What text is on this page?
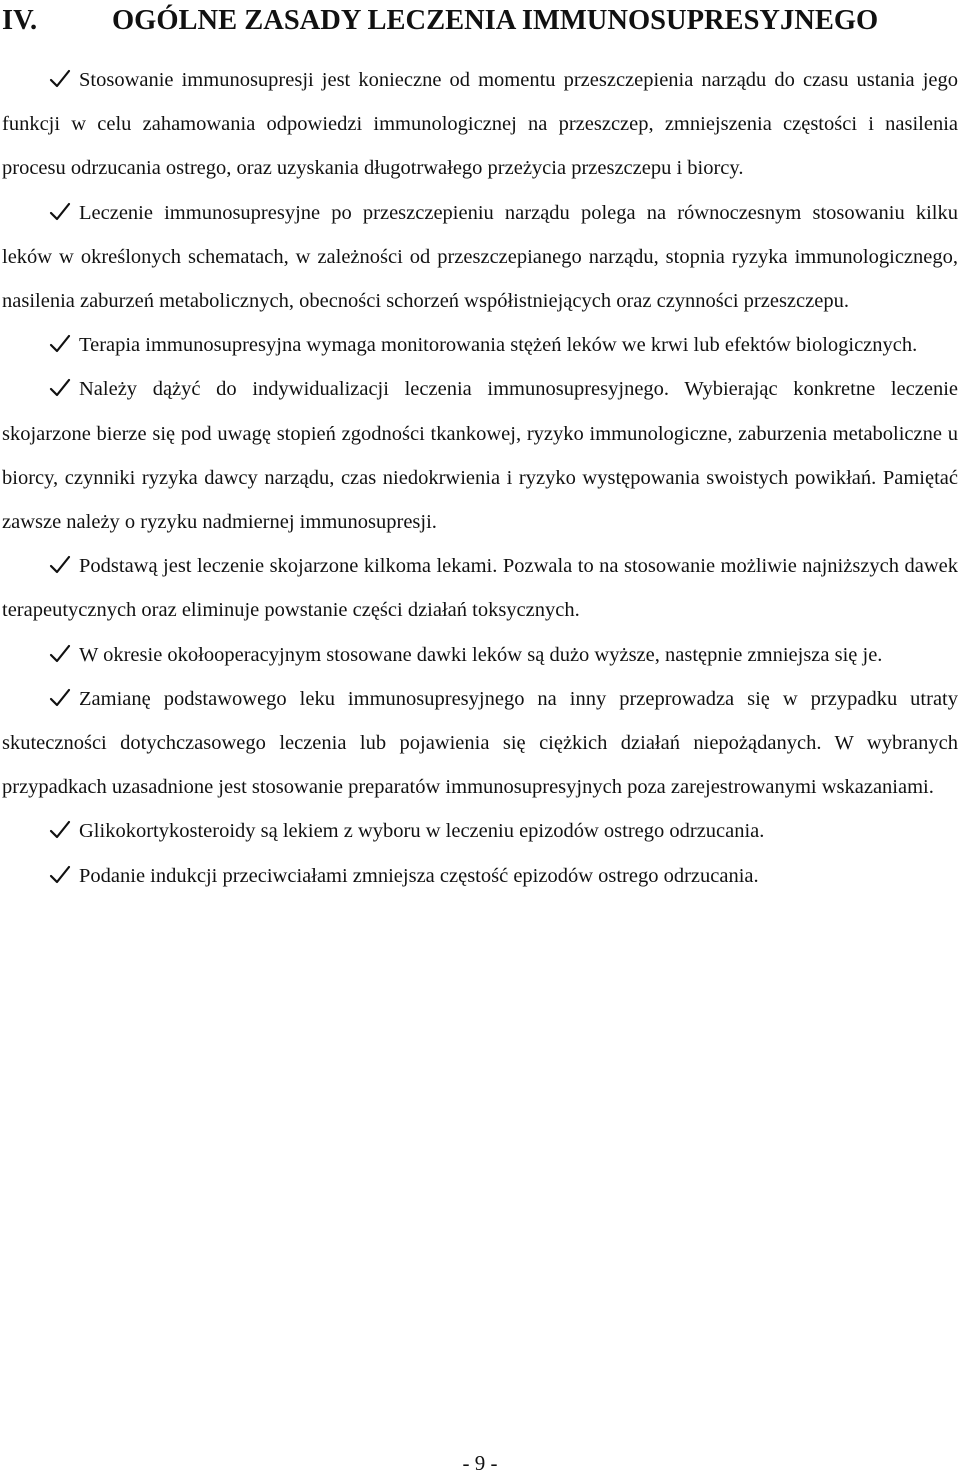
IV.	OGÓLNE ZASADY LECZENIA IMMUNOSUPRESYJNEGO
Stosowanie immunosupresji jest konieczne od momentu przeszczepienia narządu do czasu ustania jego funkcji w celu zahamowania odpowiedzi immunologicznej na przeszczep, zmniejszenia częstości i nasilenia procesu odrzucania ostrego, oraz uzyskania długotrwałego przeżycia przeszczepu i biorcy.
Leczenie immunosupresyjne po przeszczepieniu narządu polega na równoczesnym stosowaniu kilku leków w określonych schematach, w zależności od przeszczepianego narządu, stopnia ryzyka immunologicznego, nasilenia zaburzeń metabolicznych, obecności schorzeń współistniejących oraz czynności przeszczepu.
Terapia immunosupresyjna wymaga monitorowania stężeń leków we krwi lub efektów biologicznych.
Należy dążyć do indywidualizacji leczenia immunosupresyjnego. Wybierając konkretne leczenie skojarzone bierze się pod uwagę stopień zgodności tkankowej, ryzyko immunologiczne, zaburzenia metaboliczne u biorcy, czynniki ryzyka dawcy narządu, czas niedokrwienia i ryzyko występowania swoistych powikłań. Pamiętać zawsze należy o ryzyku nadmiernej immunosupresji.
Podstawą jest leczenie skojarzone kilkoma lekami. Pozwala to na stosowanie możliwie najniższych dawek terapeutycznych oraz eliminuje powstanie części działań toksycznych.
W okresie okołooperacyjnym stosowane dawki leków są dużo wyższe, następnie zmniejsza się je.
Zamianę podstawowego leku immunosupresyjnego na inny przeprowadza się w przypadku utraty skuteczności dotychczasowego leczenia lub pojawienia się ciężkich działań niepożądanych. W wybranych przypadkach uzasadnione jest stosowanie preparatów immunosupresyjnych poza zarejestrowanymi wskazaniami.
Glikokortykosteroidy są lekiem z wyboru w leczeniu epizodów ostrego odrzucania.
Podanie indukcji przeciwciałami zmniejsza częstość epizodów ostrego odrzucania.
- 9 -
